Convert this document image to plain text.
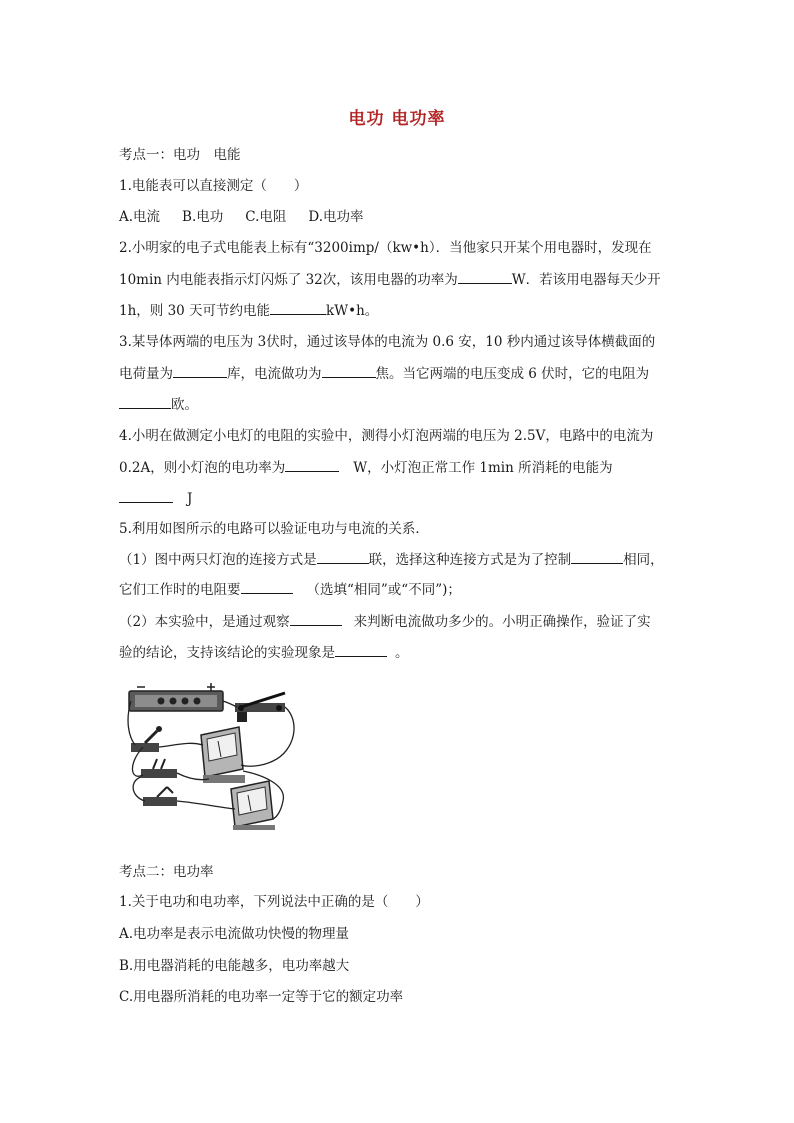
电功 电功率
考点一：电功　电能
1.电能表可以直接测定（　　）
A.电流 B.电功 C.电阻 D.电功率
2.小明家的电子式电能表上标有“3200imp/（kw•h）．当他家只开某个用电器时，发现在
10min 内电能表指示灯闪烁了 32次，该用电器的功率为	W．若该用电器每天少开
1h，则 30 天可节约电能	kW•h。
3.某导体两端的电压为 3伏时，通过该导体的电流为 0.6 安，10 秒内通过该导体横截面的
电荷量为	库，电流做功为	焦。当它两端的电压变成 6 伏时，它的电阻为
欧。
4.小明在做测定小电灯的电阻的实验中，测得小灯泡两端的电压为 2.5V，电路中的电流为
0.2A，则小灯泡的电功率为	W，小灯泡正常工作 1min 所消耗的电能为
J
5.利用如图所示的电路可以验证电功与电流的关系．
（1）图中两只灯泡的连接方式是	联，选择这种连接方式是为了控制	相同，
它们工作时的电阻要	（选填“相同”或“不同”)；
（2）本实验中，是通过观察	来判断电流做功多少的。小明正确操作，验证了实
验的结论，支持该结论的实验现象是	。
考点二：电功率
1.关于电功和电功率，下列说法中正确的是（　　）
A.电功率是表示电流做功快慢的物理量
B.用电器消耗的电能越多，电功率越大
C.用电器所消耗的电功率一定等于它的额定功率
